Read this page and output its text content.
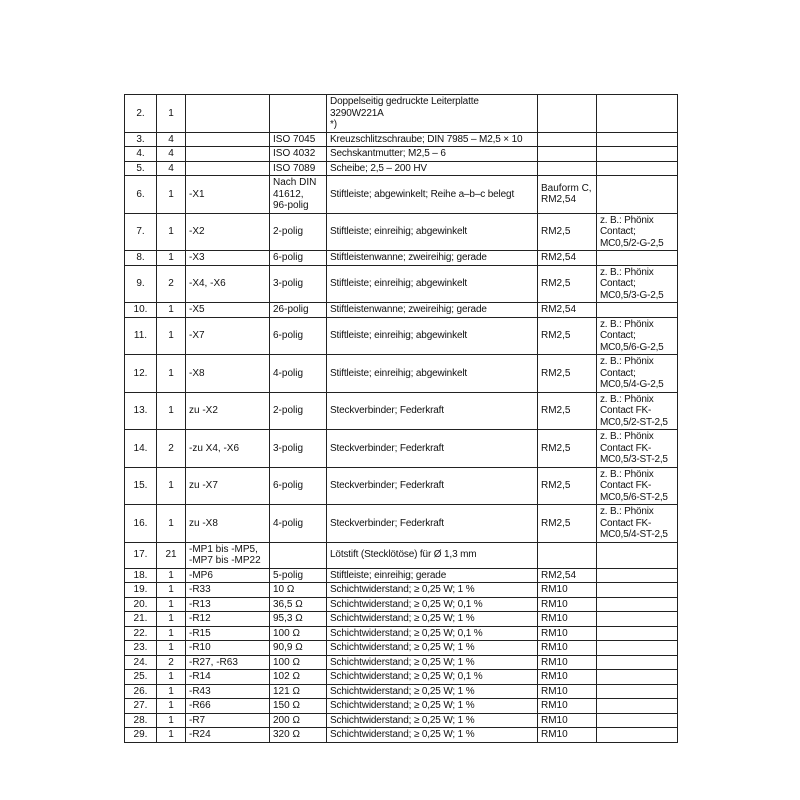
2.	1			Doppelseitig gedruckte Leiterplatte 3290W221A
*)		
3.	4		ISO 7045	Kreuzschlitzschraube; DIN 7985 – M2,5 × 10		
4.	4		ISO 4032	Sechskantmutter; M2,5 – 6		
5.	4		ISO 7089	Scheibe; 2,5 – 200 HV		
6.	1	-X1	Nach DIN
41612,
96-polig	Stiftleiste; abgewinkelt; Reihe a–b–c belegt	Bauform C,
RM2,54	
7.	1	-X2	2-polig	Stiftleiste; einreihig; abgewinkelt	RM2,5	z. B.: Phönix
Contact;
MC0,5/2-G-2,5
8.	1	-X3	6-polig	Stiftleistenwanne; zweireihig; gerade	RM2,54	
9.	2	-X4, -X6	3-polig	Stiftleiste; einreihig; abgewinkelt	RM2,5	z. B.: Phönix
Contact;
MC0,5/3-G-2,5
10.	1	-X5	26-polig	Stiftleistenwanne; zweireihig; gerade	RM2,54	
11.	1	-X7	6-polig	Stiftleiste; einreihig; abgewinkelt	RM2,5	z. B.: Phönix
Contact;
MC0,5/6-G-2,5
12.	1	-X8	4-polig	Stiftleiste; einreihig; abgewinkelt	RM2,5	z. B.: Phönix
Contact;
MC0,5/4-G-2,5
13.	1	zu -X2	2-polig	Steckverbinder; Federkraft	RM2,5	z. B.: Phönix
Contact FK-
MC0,5/2-ST-2,5
14.	2	-zu X4, -X6	3-polig	Steckverbinder; Federkraft	RM2,5	z. B.: Phönix
Contact FK-
MC0,5/3-ST-2,5
15.	1	zu -X7	6-polig	Steckverbinder; Federkraft	RM2,5	z. B.: Phönix
Contact FK-
MC0,5/6-ST-2,5
16.	1	zu -X8	4-polig	Steckverbinder; Federkraft	RM2,5	z. B.: Phönix
Contact FK-
MC0,5/4-ST-2,5
17.	21	-MP1 bis -MP5,
-MP7 bis -MP22		Lötstift (Stecklötöse) für Ø 1,3 mm		
18.	1	-MP6	5-polig	Stiftleiste; einreihig; gerade	RM2,54	
19.	1	-R33	10 Ω	Schichtwiderstand; ≥ 0,25 W; 1 %	RM10	
20.	1	-R13	36,5 Ω	Schichtwiderstand; ≥ 0,25 W; 0,1 %	RM10	
21.	1	-R12	95,3 Ω	Schichtwiderstand; ≥ 0,25 W; 1 %	RM10	
22.	1	-R15	100 Ω	Schichtwiderstand; ≥ 0,25 W; 0,1 %	RM10	
23.	1	-R10	90,9 Ω	Schichtwiderstand; ≥ 0,25 W; 1 %	RM10	
24.	2	-R27, -R63	100 Ω	Schichtwiderstand; ≥ 0,25 W; 1 %	RM10	
25.	1	-R14	102 Ω	Schichtwiderstand; ≥ 0,25 W; 0,1 %	RM10	
26.	1	-R43	121 Ω	Schichtwiderstand; ≥ 0,25 W; 1 %	RM10	
27.	1	-R66	150 Ω	Schichtwiderstand; ≥ 0,25 W; 1 %	RM10	
28.	1	-R7	200 Ω	Schichtwiderstand; ≥ 0,25 W; 1 %	RM10	
29.	1	-R24	320 Ω	Schichtwiderstand; ≥ 0,25 W; 1 %	RM10	
